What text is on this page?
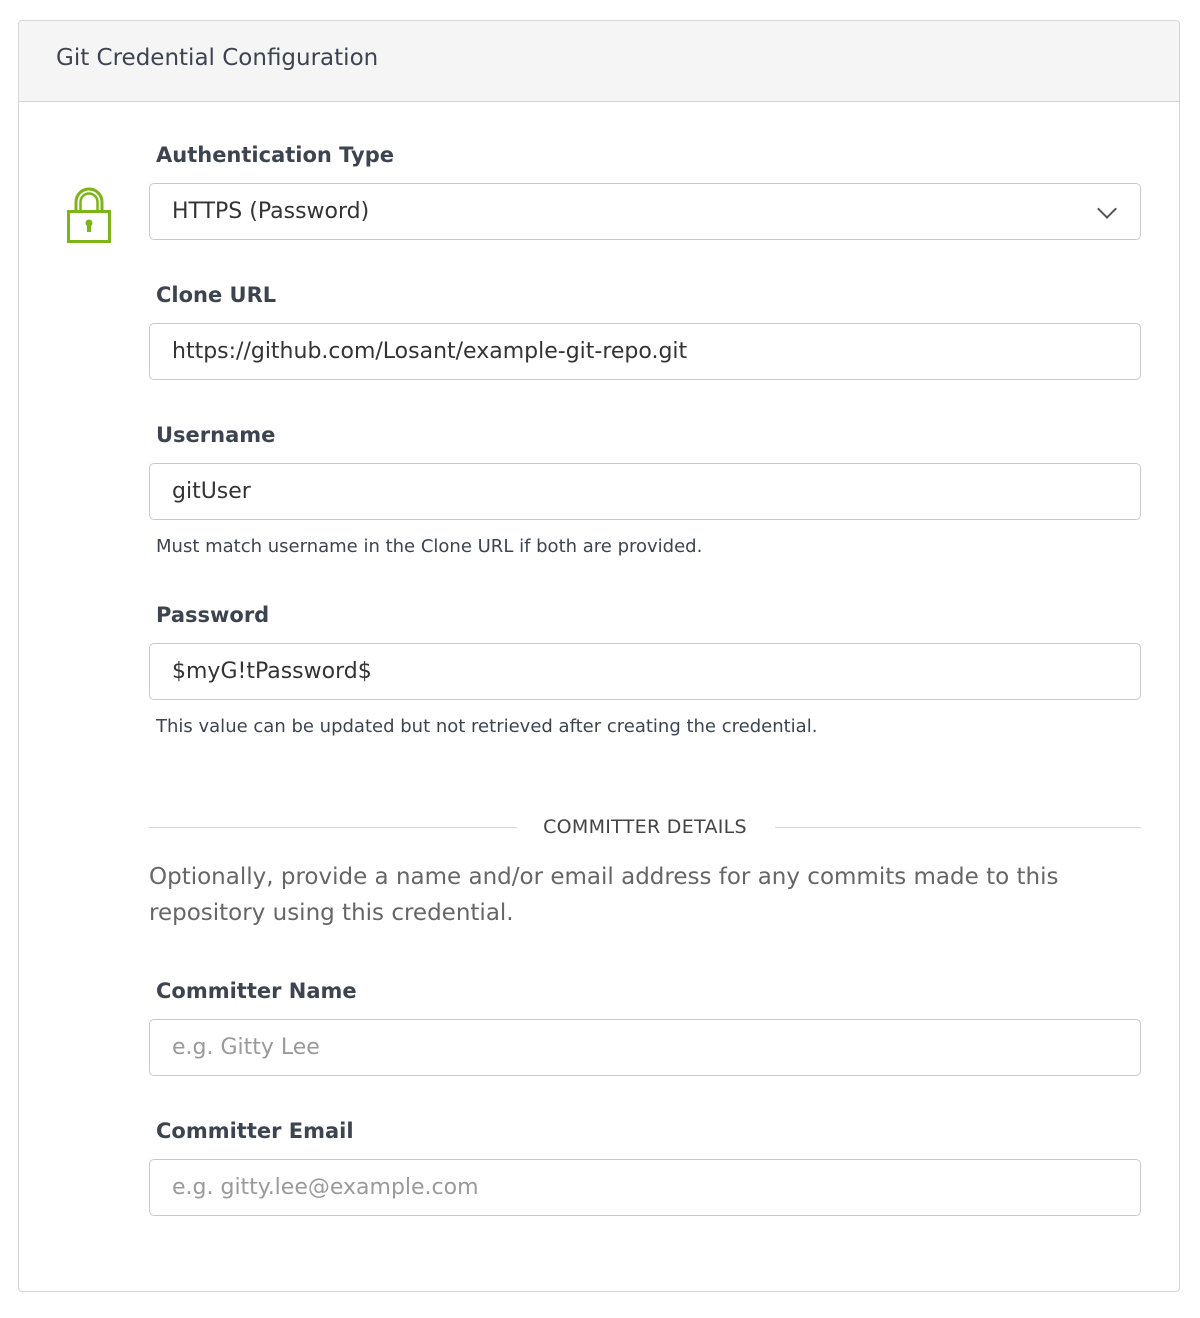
Git Credential Configuration
Authentication Type
HTTPS (Password)
Clone URL
https://github.com/Losant/example-git-repo.git
Username
gitUser
Must match username in the Clone URL if both are provided.
Password
$myG!tPassword$
This value can be updated but not retrieved after creating the credential.
COMMITTER DETAILS
Optionally, provide a name and/or email address for any commits made to this repository using this credential.
Committer Name
e.g. Gitty Lee
Committer Email
e.g. gitty.lee@example.com
